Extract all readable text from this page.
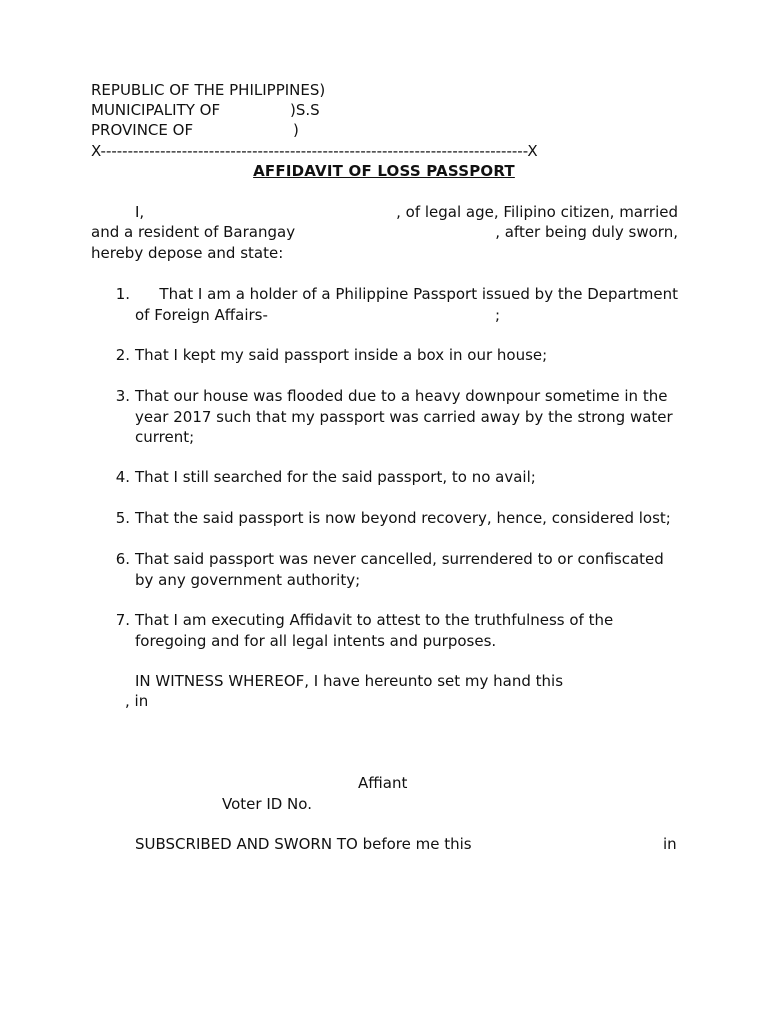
REPUBLIC OF THE PHILIPPINES)
MUNICIPALITY OF	)S.S
PROVINCE OF	)
X-------------------------------------------------------------------------------X
AFFIDAVIT OF LOSS PASSPORT
I,	, of legal age, Filipino citizen, married
and a resident of Barangay	, after being duly sworn,
hereby depose and state:
1.	That I am a holder of a Philippine Passport issued by the Department
of Foreign Affairs-	;
2. That I kept my said passport inside a box in our house;
3. That our house was flooded due to a heavy downpour sometime in the
year 2017 such that my passport was carried away by the strong water
current;
4. That I still searched for the said passport, to no avail;
5. That the said passport is now beyond recovery, hence, considered lost;
6. That said passport was never cancelled, surrendered to or confiscated
by any government authority;
7. That I am executing Affidavit to attest to the truthfulness of the
foregoing and for all legal intents and purposes.
IN WITNESS WHEREOF, I have hereunto set my hand this
, in
Affiant
Voter ID No.
SUBSCRIBED AND SWORN TO before me this	in
